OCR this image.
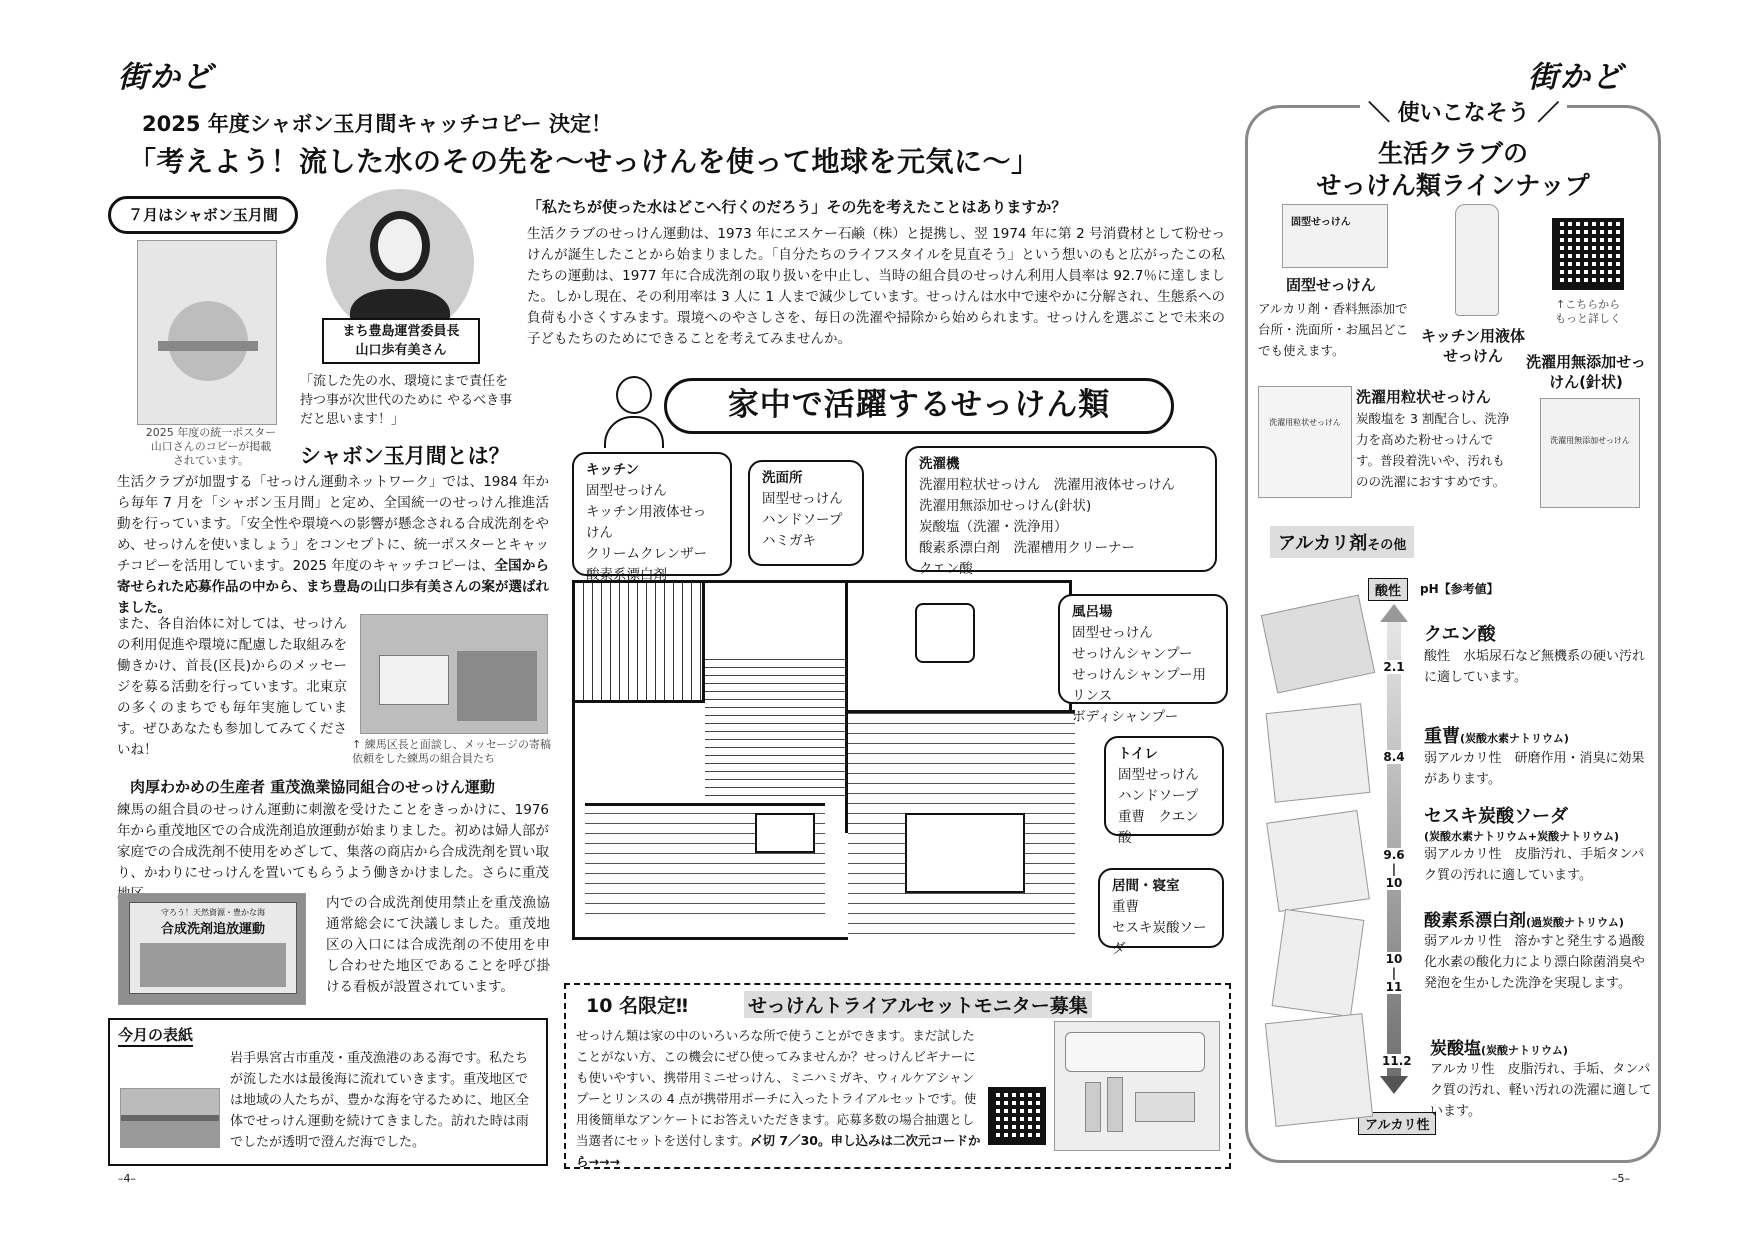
街かど	街かど
2025 年度シャボン玉月間キャッチコピー 決定！
「考えよう！流した水のその先を～せっけんを使って地球を元気に～」
７月はシャボン玉月間
2025 年度の統一ポスター
山口さんのコピーが掲載
されています。
まち豊島運営委員長
山口歩有美さん
「流した先の水、環境にまで責任を持つ事が次世代のために やるべき事だと思います！」
「私たちが使った水はどこへ行くのだろう」その先を考えたことはありますか？
生活クラブのせっけん運動は、1973 年にヱスケー石鹸（株）と提携し、翌 1974 年に第 2 号消費材として粉せっけんが誕生したことから始まりました。「自分たちのライフスタイルを見直そう」という想いのもと広がったこの私たちの運動は、1977 年に合成洗剤の取り扱いを中止し、当時の組合員のせっけん利用人員率は 92.7％に達しました。しかし現在、その利用率は 3 人に 1 人まで減少しています。せっけんは水中で速やかに分解され、生態系への負荷も小さくすみます。環境へのやさしさを、毎日の洗濯や掃除から始められます。せっけんを選ぶことで未来の子どもたちのためにできることを考えてみませんか。
シャボン玉月間とは？
生活クラブが加盟する「せっけん運動ネットワーク」では、1984 年から毎年 7 月を「シャボン玉月間」と定め、全国統一のせっけん推進活動を行っています。「安全性や環境への影響が懸念される合成洗剤をやめ、せっけんを使いましょう」をコンセプトに、統一ポスターとキャッチコピーを活用しています。2025 年度のキャッチコピーは、全国から寄せられた応募作品の中から、まち豊島の山口歩有美さんの案が選ばれました。
また、各自治体に対しては、せっけんの利用促進や環境に配慮した取組みを働きかけ、首長(区長)からのメッセージを募る活動を行っています。北東京の多くのまちでも毎年実施しています。ぜひあなたも参加してみてくださいね！	↑ 練馬区長と面談し、メッセージの寄稿依頼をした練馬の組合員たち
肉厚わかめの生産者 重茂漁業協同組合のせっけん運動
練馬の組合員のせっけん運動に刺激を受けたことをきっかけに、1976 年から重茂地区での合成洗剤追放運動が始まりました。初めは婦人部が家庭での合成洗剤不使用をめざして、集落の商店から合成洗剤を買い取り、かわりにせっけんを置いてもらうよう働きかけました。さらに重茂
守ろう！天然資源・豊かな海
合成洗剤追放運動
内での合成洗剤使用禁止を重茂漁協通常総会にて決議しました。重茂地区の入口には合成洗剤の不使用を申し合わせた地区であることを呼び掛ける看板が設置されています。
今月の表紙
岩手県宮古市重茂・重茂漁港のある海です。私たちが流した水は最後海に流れていきます。重茂地区では地域の人たちが、豊かな海を守るために、地区全体でせっけん運動を続けてきました。訪れた時は雨でしたが透明で澄んだ海でした。
–4–
家中で活躍するせっけん類
キッチン
固型せっけん
キッチン用液体せっけん
クリームクレンザー
酸素系漂白剤
洗面所
固型せっけん
ハンドソープ
ハミガキ
洗濯機
洗濯用粒状せっけん　洗濯用液体せっけん
洗濯用無添加せっけん(針状)
炭酸塩（洗濯・洗浄用）
酸素系漂白剤　洗濯槽用クリーナー
クエン酸
風呂場
固型せっけん
せっけんシャンプー
せっけんシャンプー用リンス
ボディシャンプー
トイレ
固型せっけん
ハンドソープ
重曹　クエン酸
居間・寝室
重曹
セスキ炭酸ソーダ
10 名限定‼	せっけんトライアルセットモニター募集
せっけん類は家の中のいろいろな所で使うことができます。まだ試したことがない方、この機会にぜひ使ってみませんか？せっけんビギナーにも使いやすい、携帯用ミニせっけん、ミニハミガキ、ウィルケアシャンプーとリンスの 4 点が携帯用ポーチに入ったトライアルセットです。使用後簡単なアンケートにお答えいただきます。応募多数の場合抽選とし当選者にセットを送付します。〆切 7／30。申し込みは二次元コードから→→→
＼ 使いこなそう ／
生活クラブの
せっけん類ラインナップ
固型せっけん
固型せっけん
アルカリ剤・香料無添加で台所・洗面所・お風呂どこでも使えます。
キッチン用液体せっけん
↑こちらから
もっと詳しく
洗濯用粒状せっけん
洗濯用粒状せっけん
炭酸塩を 3 割配合し、洗浄力を高めた粉せっけんです。普段着洗いや、汚れものの洗濯におすすめです。
洗濯用無添加せっけん(針状)
洗濯用無添加せっけん
アルカリ剤その他
酸性	pH【参考値】
アルカリ性
2.1
8.4
9.6
|
10
10
|
11
11.2
クエン酸
酸性　水垢尿石など無機系の硬い汚れに適しています。
重曹(炭酸水素ナトリウム)
弱アルカリ性　研磨作用・消臭に効果があります。
セスキ炭酸ソーダ
(炭酸水素ナトリウム+炭酸ナトリウム)
弱アルカリ性　皮脂汚れ、手垢タンパク質の汚れに適しています。
酸素系漂白剤(過炭酸ナトリウム)
弱アルカリ性　溶かすと発生する過酸化水素の酸化力により漂白除菌消臭や発泡を生かした洗浄を実現します。
炭酸塩(炭酸ナトリウム)
アルカリ性　皮脂汚れ、手垢、タンパク質の汚れ、軽い汚れの洗濯に適しています。
–5–
